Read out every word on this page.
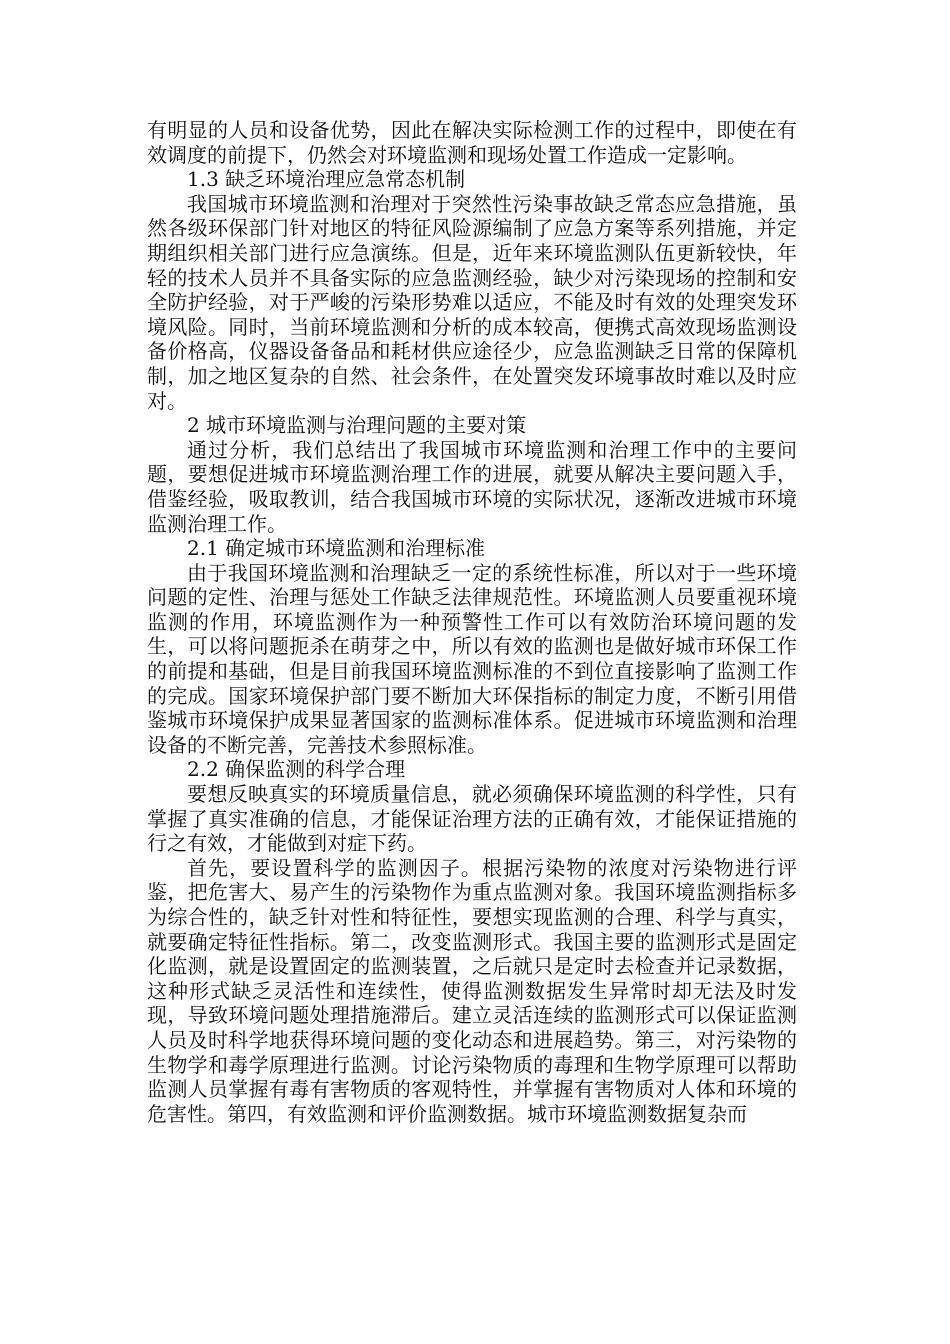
有明显的人员和设备优势，因此在解决实际检测工作的过程中，即使在有效调度的前提下，仍然会对环境监测和现场处置工作造成一定影响。

1.3 缺乏环境治理应急常态机制

我国城市环境监测和治理对于突然性污染事故缺乏常态应急措施，虽然各级环保部门针对地区的特征风险源编制了应急方案等系列措施，并定期组织相关部门进行应急演练。但是，近年来环境监测队伍更新较快，年轻的技术人员并不具备实际的应急监测经验，缺少对污染现场的控制和安全防护经验，对于严峻的污染形势难以适应，不能及时有效的处理突发环境风险。同时，当前环境监测和分析的成本较高，便携式高效现场监测设备价格高，仪器设备备品和耗材供应途径少，应急监测缺乏日常的保障机制，加之地区复杂的自然、社会条件，在处置突发环境事故时难以及时应对。

2 城市环境监测与治理问题的主要对策

通过分析，我们总结出了我国城市环境监测和治理工作中的主要问题，要想促进城市环境监测治理工作的进展，就要从解决主要问题入手，借鉴经验，吸取教训，结合我国城市环境的实际状况，逐渐改进城市环境监测治理工作。

2.1 确定城市环境监测和治理标准

由于我国环境监测和治理缺乏一定的系统性标准，所以对于一些环境问题的定性、治理与惩处工作缺乏法律规范性。环境监测人员要重视环境监测的作用，环境监测作为一种预警性工作可以有效防治环境问题的发生，可以将问题扼杀在萌芽之中，所以有效的监测也是做好城市环保工作的前提和基础，但是目前我国环境监测标准的不到位直接影响了监测工作的完成。国家环境保护部门要不断加大环保指标的制定力度，不断引用借鉴城市环境保护成果显著国家的监测标准体系。促进城市环境监测和治理设备的不断完善，完善技术参照标准。

2.2 确保监测的科学合理

要想反映真实的环境质量信息，就必须确保环境监测的科学性，只有掌握了真实准确的信息，才能保证治理方法的正确有效，才能保证措施的行之有效，才能做到对症下药。

首先，要设置科学的监测因子。根据污染物的浓度对污染物进行评鉴，把危害大、易产生的污染物作为重点监测对象。我国环境监测指标多为综合性的，缺乏针对性和特征性，要想实现监测的合理、科学与真实，就要确定特征性指标。第二，改变监测形式。我国主要的监测形式是固定化监测，就是设置固定的监测装置，之后就只是定时去检查并记录数据，这种形式缺乏灵活性和连续性，使得监测数据发生异常时却无法及时发现，导致环境问题处理措施滞后。建立灵活连续的监测形式可以保证监测人员及时科学地获得环境问题的变化动态和进展趋势。第三，对污染物的生物学和毒学原理进行监测。讨论污染物质的毒理和生物学原理可以帮助监测人员掌握有毒有害物质的客观特性，并掌握有害物质对人体和环境的危害性。第四，有效监测和评价监测数据。城市环境监测数据复杂而
